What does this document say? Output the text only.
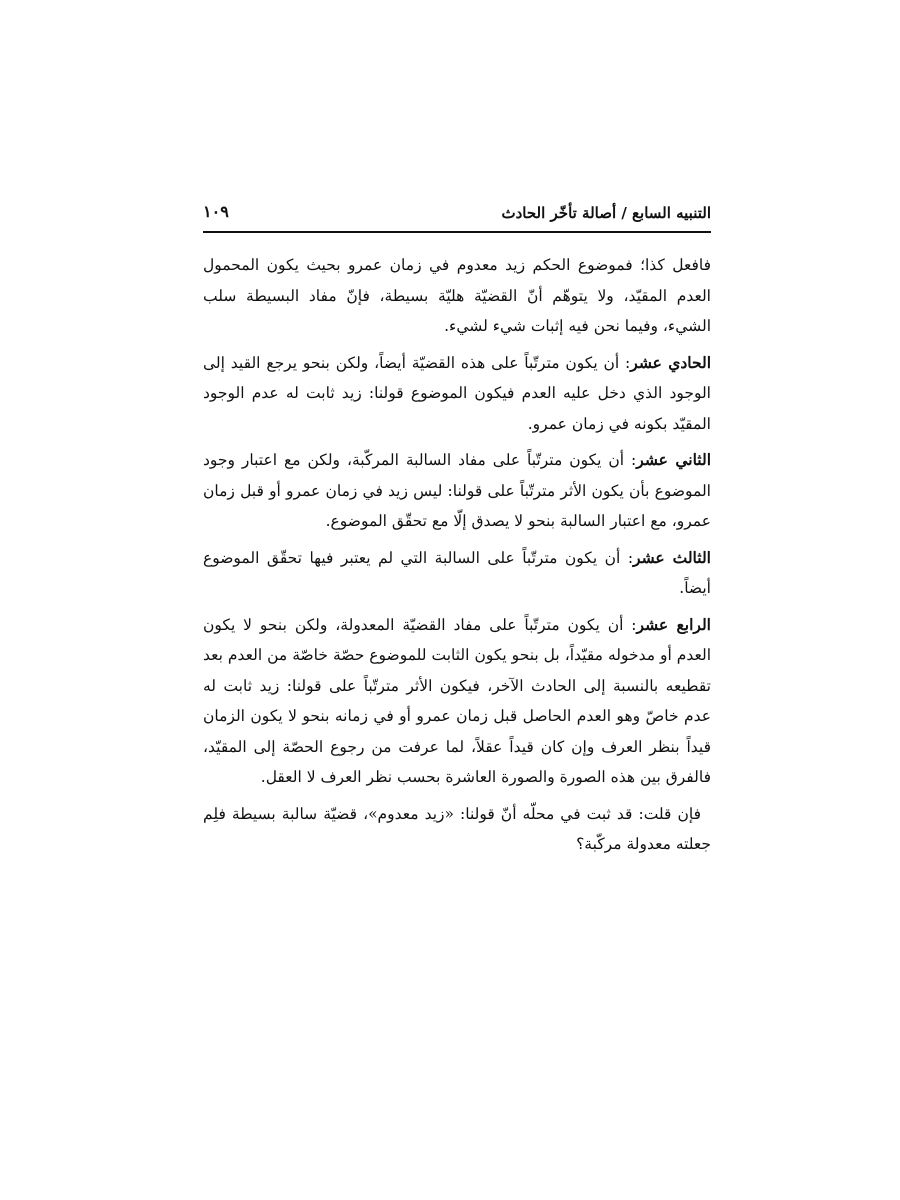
التنبيه السابع / أصالة تأخّر الحادث
١٠٩

فافعل كذا؛ فموضوع الحكم زيد معدوم في زمان عمرو بحيث يكون المحمول العدم المقيّد، ولا يتوهّم أنّ القضيّة هليّة بسيطة، فإنّ مفاد البسيطة سلب الشيء، وفيما نحن فيه إثبات شيء لشيء.

الحادي عشر: أن يكون مترتّباً على هذه القضيّة أيضاً، ولكن بنحو يرجع القيد إلى الوجود الذي دخل عليه العدم فيكون الموضوع قولنا: زيد ثابت له عدم الوجود المقيّد بكونه في زمان عمرو.

الثاني عشر: أن يكون مترتّباً على مفاد السالبة المركّبة، ولكن مع اعتبار وجود الموضوع بأن يكون الأثر مترتّباً على قولنا: ليس زيد في زمان عمرو أو قبل زمان عمرو، مع اعتبار السالبة بنحو لا يصدق إلّا مع تحقّق الموضوع.

الثالث عشر: أن يكون مترتّباً على السالبة التي لم يعتبر فيها تحقّق الموضوع أيضاً.

الرابع عشر: أن يكون مترتّباً على مفاد القضيّة المعدولة، ولكن بنحو لا يكون العدم أو مدخوله مقيّداً، بل بنحو يكون الثابت للموضوع حصّة خاصّة من العدم بعد تقطيعه بالنسبة إلى الحادث الآخر، فيكون الأثر مترتّباً على قولنا: زيد ثابت له عدم خاصّ وهو العدم الحاصل قبل زمان عمرو أو في زمانه بنحو لا يكون الزمان قيداً بنظر العرف وإن كان قيداً عقلاً، لما عرفت من رجوع الحصّة إلى المقيّد، فالفرق بين هذه الصورة والصورة العاشرة بحسب نظر العرف لا العقل.

فإن قلت: قد ثبت في محلّه أنّ قولنا: «زيد معدوم»، قضيّة سالبة بسيطة فلِم جعلته معدولة مركّبة؟
